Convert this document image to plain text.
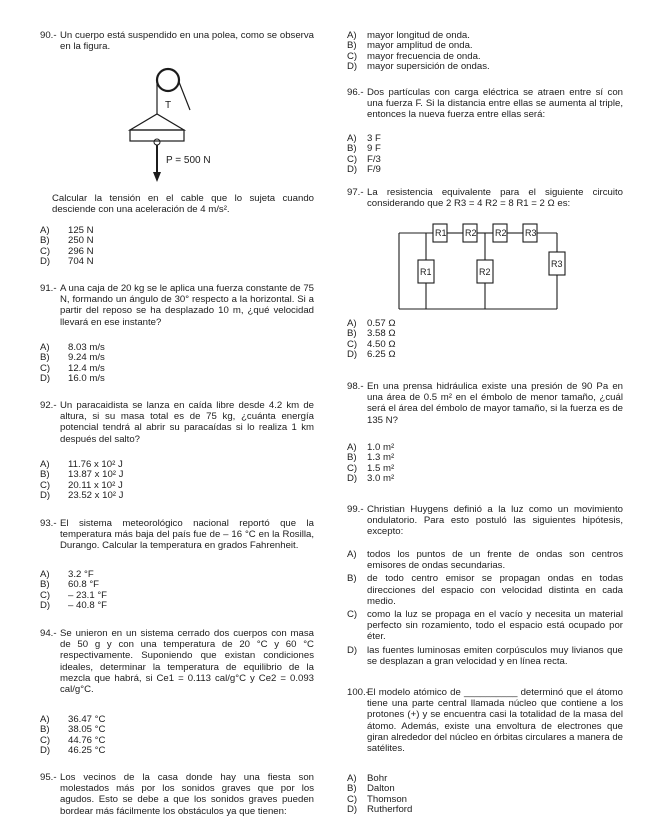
90.- Un cuerpo está suspendido en una polea, como se observa en la figura.
T
P = 500 N
Calcular la tensión en el cable que lo sujeta cuando desciende con una aceleración de 4 m/s².
A) 125 N
B) 250 N
C) 296 N
D) 704 N
91.- A una caja de 20 kg se le aplica una fuerza constante de 75 N, formando un ángulo de 30° respecto a la horizontal. Si a partir del reposo se ha desplazado 10 m, ¿qué velocidad llevará en ese instante?
A) 8.03 m/s
B) 9.24 m/s
C) 12.4 m/s
D) 16.0 m/s
92.- Un paracaidista se lanza en caída libre desde 4.2 km de altura, si su masa total es de 75 kg, ¿cuánta energía potencial tendrá al abrir su paracaídas si lo realiza 1 km después del salto?
A) 11.76 x 10² J
B) 13.87 x 10² J
C) 20.11 x 10² J
D) 23.52 x 10² J
93.- El sistema meteorológico nacional reportó que la temperatura más baja del país fue de – 16 °C en la Rosilla, Durango. Calcular la temperatura en grados Fahrenheit.
A) 3.2 °F
B) 60.8 °F
C) – 23.1 °F
D) – 40.8 °F
94.- Se unieron en un sistema cerrado dos cuerpos con masa de 50 g y con una temperatura de 20 °C y 60 °C respectivamente. Suponiendo que existan condiciones ideales, determinar la temperatura de equilibrio de la mezcla que habrá, si Ce1 = 0.113 cal/g°C y Ce2 = 0.093 cal/g°C.
A) 36.47 °C
B) 38.05 °C
C) 44.76 °C
D) 46.25 °C
95.- Los vecinos de la casa donde hay una fiesta son molestados más por los sonidos graves que por los agudos. Esto se debe a que los sonidos graves pueden bordear más fácilmente los obstáculos ya que tienen:
A) mayor longitud de onda.
B) mayor amplitud de onda.
C) mayor frecuencia de onda.
D) mayor supersición de ondas.
96.- Dos partículas con carga eléctrica se atraen entre sí con una fuerza F. Si la distancia entre ellas se aumenta al triple, entonces la nueva fuerza entre ellas será:
A) 3 F
B) 9 F
C) F/3
D) F/9
97.- La resistencia equivalente para el siguiente circuito considerando que 2 R3 = 4 R2 = 8 R1 = 2 Ω es:
R1 R2 R2 R3
R1	R2
R3
A) 0.57 Ω
B) 3.58 Ω
C) 4.50 Ω
D) 6.25 Ω
98.- En una prensa hidráulica existe una presión de 90 Pa en una área de 0.5 m² en el émbolo de menor tamaño, ¿cuál será el área del émbolo de mayor tamaño, si la fuerza es de 135 N?
A) 1.0 m²
B) 1.3 m²
C) 1.5 m²
D) 3.0 m²
99.- Christian Huygens definió a la luz como un movimiento ondulatorio. Para esto postuló las siguientes hipótesis, excepto:
A) todos los puntos de un frente de ondas son centros emisores de ondas secundarias.
B) de todo centro emisor se propagan ondas en todas direcciones del espacio con velocidad distinta en cada medio.
C) como la luz se propaga en el vacío y necesita un material perfecto sin rozamiento, todo el espacio está ocupado por éter.
D) las fuentes luminosas emiten corpúsculos muy livianos que se desplazan a gran velocidad y en línea recta.
100.-
El modelo atómico de __________ determinó que el átomo tiene una parte central llamada núcleo que contiene a los protones (+) y se encuentra casi la totalidad de la masa del átomo. Además, existe una envoltura de electrones que giran alrededor del núcleo en órbitas circulares a manera de satélites.
A) Bohr
B) Dalton
C) Thomson
D) Rutherford
